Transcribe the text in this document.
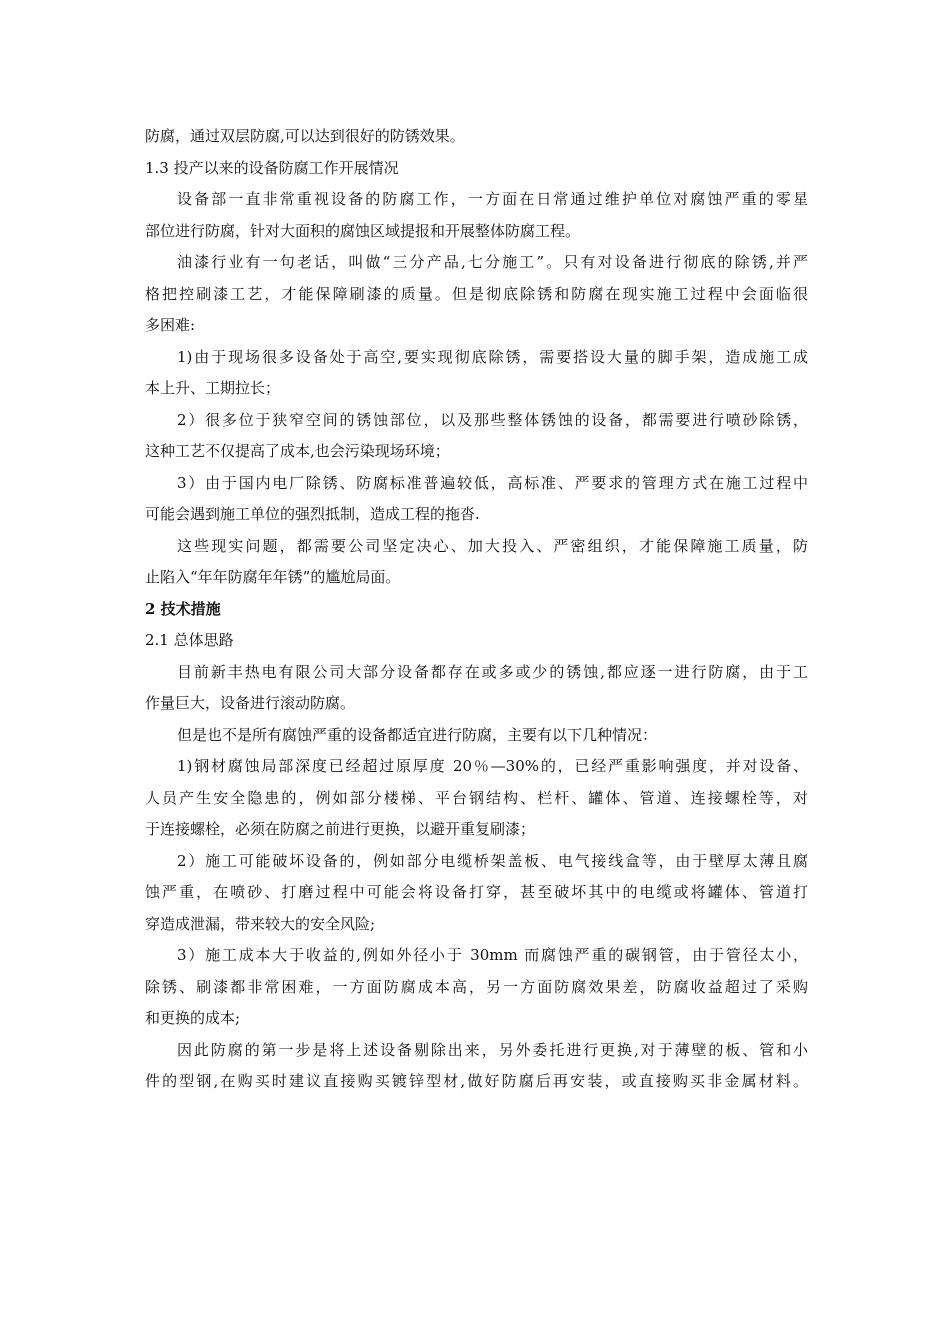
防腐，通过双层防腐,可以达到很好的防锈效果。
1.3 投产以来的设备防腐工作开展情况
设备部一直非常重视设备的防腐工作，一方面在日常通过维护单位对腐蚀严重的零星
部位进行防腐，针对大面积的腐蚀区域提报和开展整体防腐工程。
油漆行业有一句老话，叫做“三分产品,七分施工”。只有对设备进行彻底的除锈,并严
格把控刷漆工艺，才能保障刷漆的质量。但是彻底除锈和防腐在现实施工过程中会面临很
多困难:
1)由于现场很多设备处于高空,要实现彻底除锈，需要搭设大量的脚手架，造成施工成
本上升、工期拉长；
2）很多位于狭窄空间的锈蚀部位，以及那些整体锈蚀的设备，都需要进行喷砂除锈，
这种工艺不仅提高了成本,也会污染现场环境；
3）由于国内电厂除锈、防腐标准普遍较低，高标准、严要求的管理方式在施工过程中
可能会遇到施工单位的强烈抵制，造成工程的拖沓.
这些现实问题，都需要公司坚定决心、加大投入、严密组织，才能保障施工质量，防
止陷入“年年防腐年年锈”的尴尬局面。
2 技术措施
2.1 总体思路
目前新丰热电有限公司大部分设备都存在或多或少的锈蚀,都应逐一进行防腐，由于工
作量巨大，设备进行滚动防腐。
但是也不是所有腐蚀严重的设备都适宜进行防腐，主要有以下几种情况：
1)钢材腐蚀局部深度已经超过原厚度 20％—30%的，已经严重影响强度，并对设备、
人员产生安全隐患的，例如部分楼梯、平台钢结构、栏杆、罐体、管道、连接螺栓等，对
于连接螺栓，必须在防腐之前进行更换，以避开重复刷漆；
2）施工可能破坏设备的，例如部分电缆桥架盖板、电气接线盒等，由于壁厚太薄且腐
蚀严重，在喷砂、打磨过程中可能会将设备打穿，甚至破坏其中的电缆或将罐体、管道打
穿造成泄漏，带来较大的安全风险;
3）施工成本大于收益的,例如外径小于 30mm 而腐蚀严重的碳钢管，由于管径太小，
除锈、刷漆都非常困难，一方面防腐成本高，另一方面防腐效果差，防腐收益超过了采购
和更换的成本;
因此防腐的第一步是将上述设备剔除出来，另外委托进行更换,对于薄壁的板、管和小
件的型钢,在购买时建议直接购买镀锌型材,做好防腐后再安装，或直接购买非金属材料。
